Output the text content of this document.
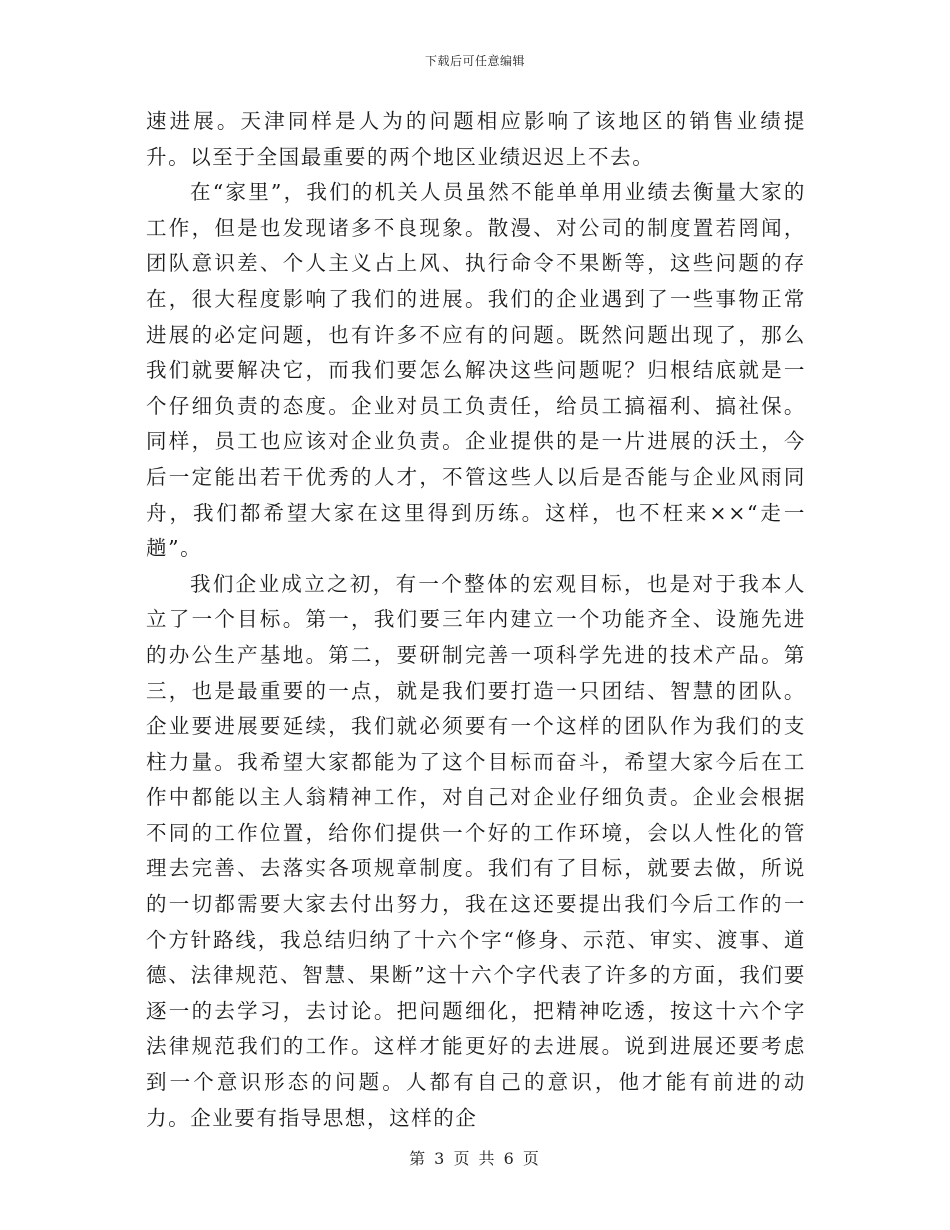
下载后可任意编辑

速进展。天津同样是人为的问题相应影响了该地区的销售业绩提升。以至于全国最重要的两个地区业绩迟迟上不去。

在“家里”，我们的机关人员虽然不能单单用业绩去衡量大家的工作，但是也发现诸多不良现象。散漫、对公司的制度置若罔闻，团队意识差、个人主义占上风、执行命令不果断等，这些问题的存在，很大程度影响了我们的进展。我们的企业遇到了一些事物正常进展的必定问题，也有许多不应有的问题。既然问题出现了，那么我们就要解决它，而我们要怎么解决这些问题呢？归根结底就是一个仔细负责的态度。企业对员工负责任，给员工搞福利、搞社保。同样，员工也应该对企业负责。企业提供的是一片进展的沃土，今后一定能出若干优秀的人才，不管这些人以后是否能与企业风雨同舟，我们都希望大家在这里得到历练。这样，也不枉来××“走一趟”。

我们企业成立之初，有一个整体的宏观目标，也是对于我本人立了一个目标。第一，我们要三年内建立一个功能齐全、设施先进的办公生产基地。第二，要研制完善一项科学先进的技术产品。第三，也是最重要的一点，就是我们要打造一只团结、智慧的团队。企业要进展要延续，我们就必须要有一个这样的团队作为我们的支柱力量。我希望大家都能为了这个目标而奋斗，希望大家今后在工作中都能以主人翁精神工作，对自己对企业仔细负责。企业会根据不同的工作位置，给你们提供一个好的工作环境，会以人性化的管理去完善、去落实各项规章制度。我们有了目标，就要去做，所说的一切都需要大家去付出努力，我在这还要提出我们今后工作的一个方针路线，我总结归纳了十六个字“修身、示范、审实、渡事、道德、法律规范、智慧、果断”这十六个字代表了许多的方面，我们要逐一的去学习，去讨论。把问题细化，把精神吃透，按这十六个字法律规范我们的工作。这样才能更好的去进展。说到进展还要考虑到一个意识形态的问题。人都有自己的意识，他才能有前进的动力。企业要有指导思想，这样的企

第 3 页 共 6 页
